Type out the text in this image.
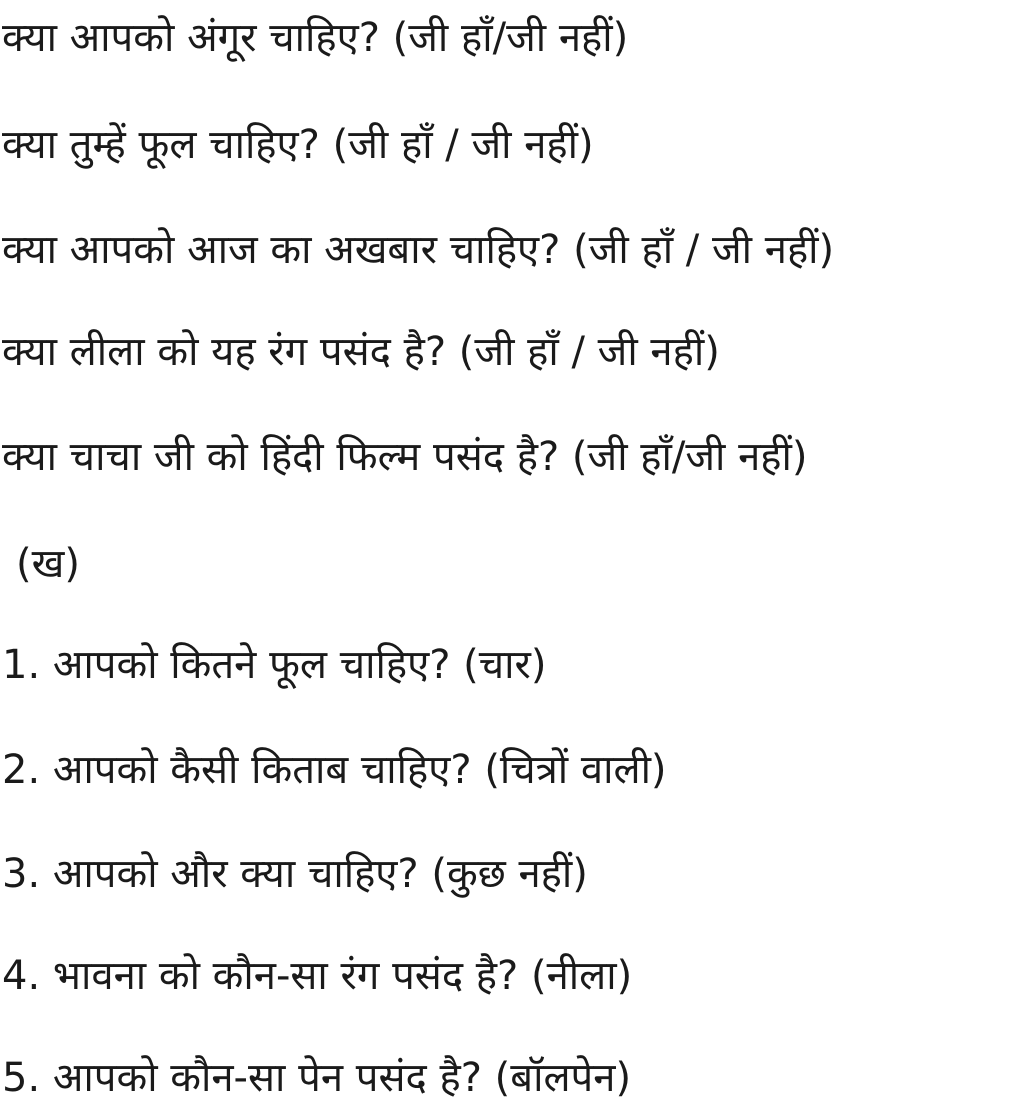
क्या आपको अंगूर चाहिए? (जी हाँ/जी नहीं)
क्या तुम्हें फूल चाहिए? (जी हाँ / जी नहीं)
क्या आपको आज का अखबार चाहिए? (जी हाँ / जी नहीं)
क्या लीला को यह रंग पसंद है? (जी हाँ / जी नहीं)
क्या चाचा जी को हिंदी फिल्म पसंद है? (जी हाँ/जी नहीं)
(ख)
1. आपको कितने फूल चाहिए? (चार)
2. आपको कैसी किताब चाहिए? (चित्रों वाली)
3. आपको और क्या चाहिए? (कुछ नहीं)
4. भावना को कौन-सा रंग पसंद है? (नीला)
5. आपको कौन-सा पेन पसंद है? (बॉलपेन)
